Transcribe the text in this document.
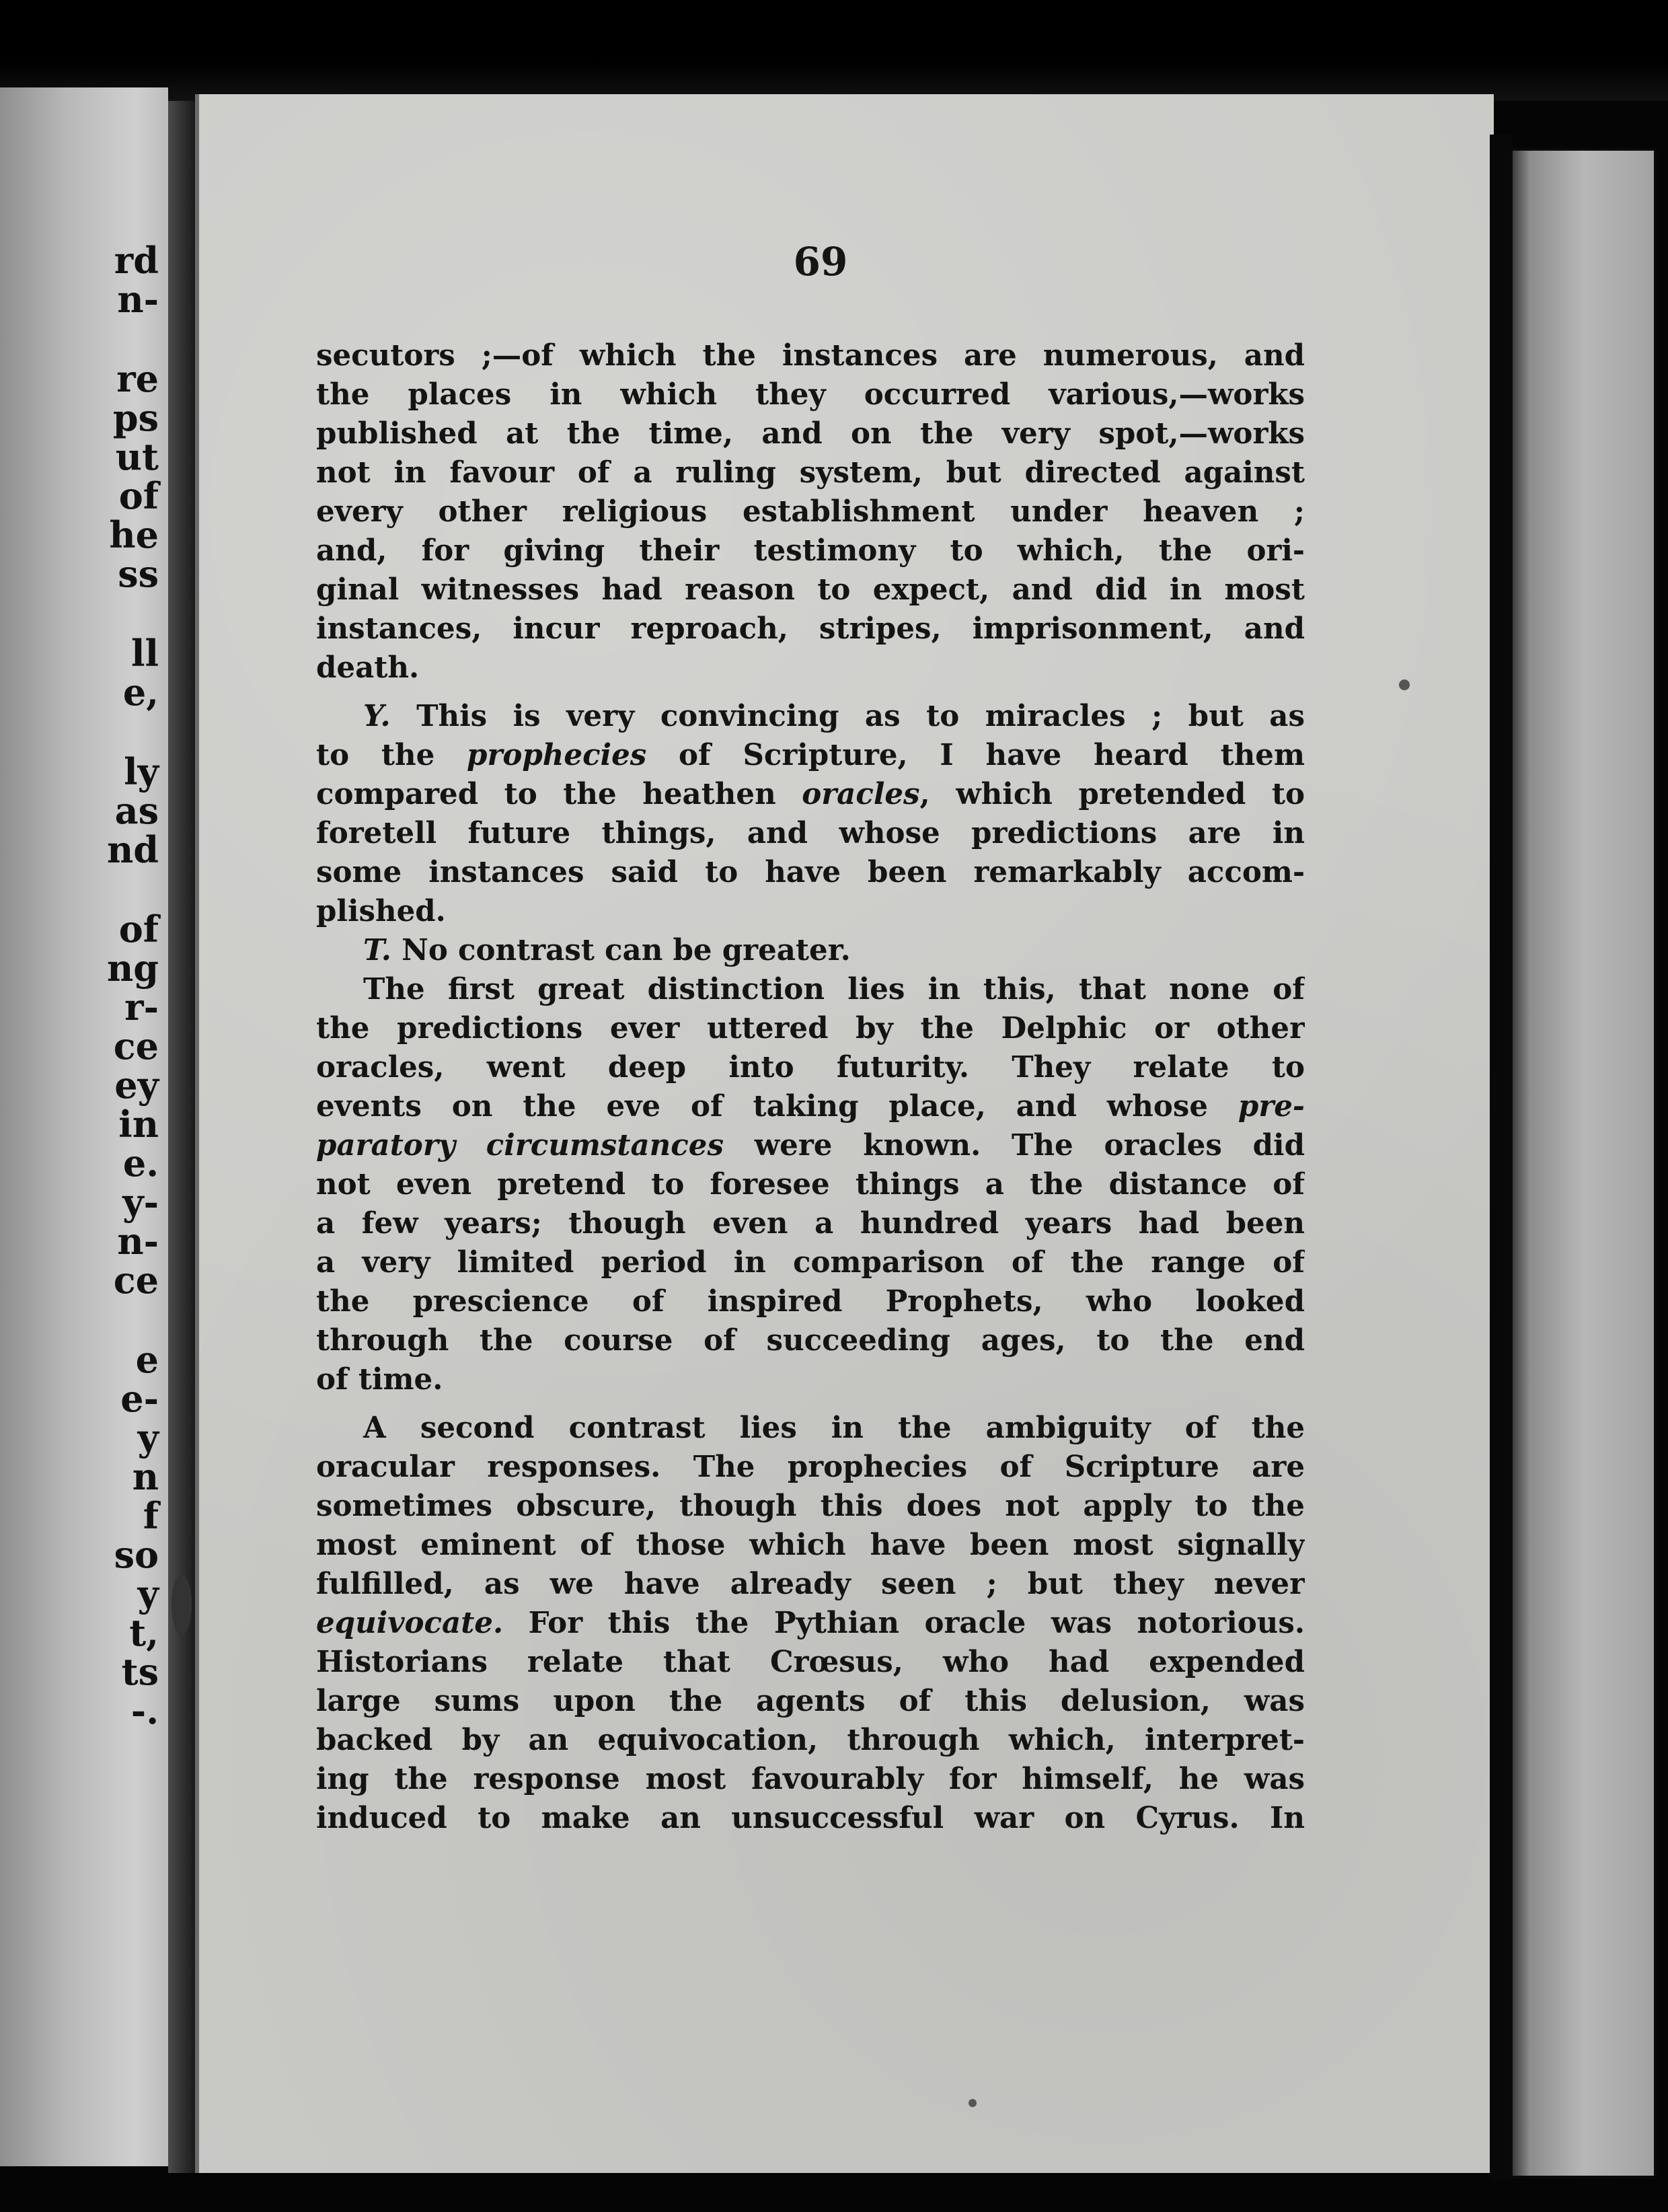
rd
n-
re
ps
ut
of
he
ss
ll
e,
ly
as
nd
of
ng
r-
ce
ey
in
e.
y-
n-
ce
e
e-
y
n
f
so
y
t,
ts
-.
69
secutors ;—of which the instances are numerous, and
the places in which they occurred various,—works
published at the time, and on the very spot,—works
not in favour of a ruling system, but directed against
every other religious establishment under heaven ;
and, for giving their testimony to which, the ori-
ginal witnesses had reason to expect, and did in most
instances, incur reproach, stripes, imprisonment, and
death.
Y. This is very convincing as to miracles ; but as
to the prophecies of Scripture, I have heard them
compared to the heathen oracles, which pretended to
foretell future things, and whose predictions are in
some instances said to have been remarkably accom-
plished.
T. No contrast can be greater.
The first great distinction lies in this, that none of
the predictions ever uttered by the Delphic or other
oracles, went deep into futurity. They relate to
events on the eve of taking place, and whose pre-
paratory circumstances were known. The oracles did
not even pretend to foresee things a the distance of
a few years; though even a hundred years had been
a very limited period in comparison of the range of
the prescience of inspired Prophets, who looked
through the course of succeeding ages, to the end
of time.
A second contrast lies in the ambiguity of the
oracular responses. The prophecies of Scripture are
sometimes obscure, though this does not apply to the
most eminent of those which have been most signally
fulfilled, as we have already seen ; but they never
equivocate. For this the Pythian oracle was notorious.
Historians relate that Crœsus, who had expended
large sums upon the agents of this delusion, was
backed by an equivocation, through which, interpret-
ing the response most favourably for himself, he was
induced to make an unsuccessful war on Cyrus. In
